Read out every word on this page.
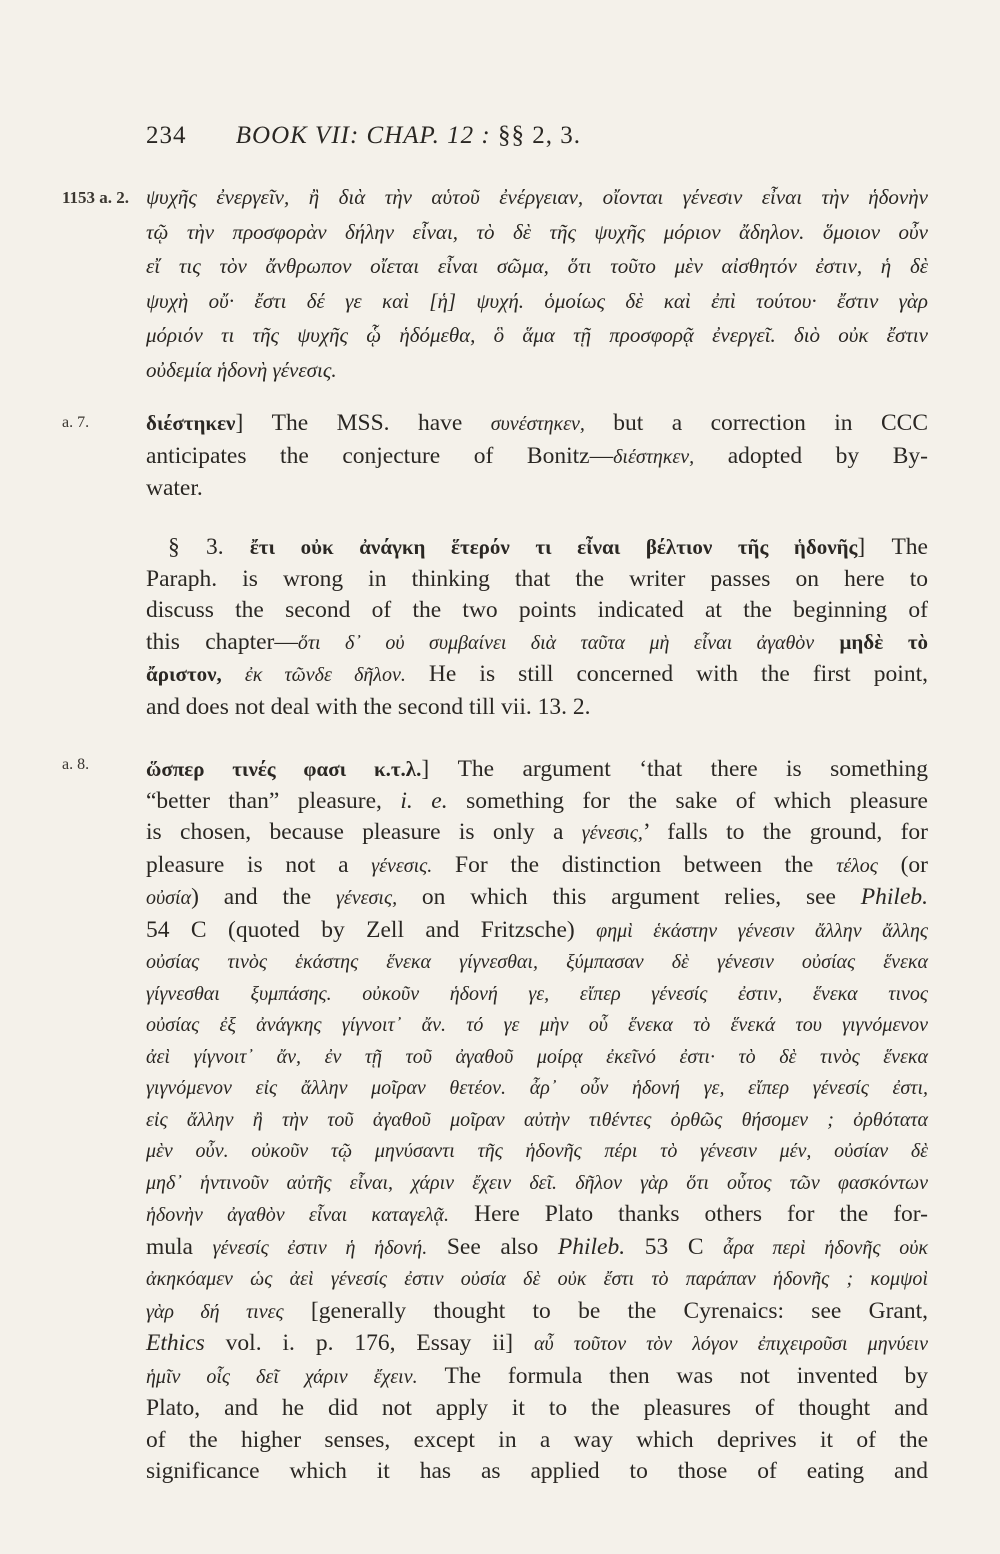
234 BOOK VII: CHAP. 12 : §§ 2, 3.
1153 a. 2.
a. 7.
a. 8.
ψυχῆς ἐνεργεῖν, ἢ διὰ τὴν αὑτοῦ ἐνέργειαν, οἴονται γένεσιν εἶναι τὴν ἡδονὴν
τῷ τὴν προσφορὰν δήλην εἶναι, τὸ δὲ τῆς ψυχῆς μόριον ἄδηλον. ὅμοιον οὖν
εἴ τις τὸν ἄνθρωπον οἴεται εἶναι σῶμα, ὅτι τοῦτο μὲν αἰσθητόν ἐστιν, ἡ δὲ
ψυχὴ οὔ· ἔστι δέ γε καὶ [ἡ] ψυχή. ὁμοίως δὲ καὶ ἐπὶ τούτου· ἔστιν γὰρ
μόριόν τι τῆς ψυχῆς ᾧ ἡδόμεθα, ὃ ἅμα τῇ προσφορᾷ ἐνεργεῖ. διὸ οὐκ ἔστιν
οὐδεμία ἡδονὴ γένεσις.
διέστηκεν] The MSS. have συνέστηκεν, but a correction in CCC
anticipates the conjecture of Bonitz—διέστηκεν, adopted by By-
water.
§ 3. ἔτι οὐκ ἀνάγκη ἕτερόν τι εἶναι βέλτιον τῆς ἡδονῆς] The
Paraph. is wrong in thinking that the writer passes on here to
discuss the second of the two points indicated at the beginning of
this chapter—ὅτι δ᾽ οὐ συμβαίνει διὰ ταῦτα μὴ εἶναι ἀγαθὸν μηδὲ τὸ
ἄριστον, ἐκ τῶνδε δῆλον. He is still concerned with the first point,
and does not deal with the second till vii. 13. 2.
ὥσπερ τινές φασι κ.τ.λ.] The argument ‘that there is something
“better than” pleasure, i. e. something for the sake of which pleasure
is chosen, because pleasure is only a γένεσις,’ falls to the ground, for
pleasure is not a γένεσις. For the distinction between the τέλος (or
οὐσία) and the γένεσις, on which this argument relies, see Phileb.
54 C (quoted by Zell and Fritzsche) φημὶ ἑκάστην γένεσιν ἄλλην ἄλλης
οὐσίας τινὸς ἑκάστης ἕνεκα γίγνεσθαι, ξύμπασαν δὲ γένεσιν οὐσίας ἕνεκα
γίγνεσθαι ξυμπάσης. οὐκοῦν ἡδονή γε, εἴπερ γένεσίς ἐστιν, ἕνεκα τινος
οὐσίας ἐξ ἀνάγκης γίγνοιτ᾽ ἄν. τό γε μὴν οὗ ἕνεκα τὸ ἕνεκά του γιγνόμενον
ἀεὶ γίγνοιτ᾽ ἄν, ἐν τῇ τοῦ ἀγαθοῦ μοίρᾳ ἐκεῖνό ἐστι· τὸ δὲ τινὸς ἕνεκα
γιγνόμενον εἰς ἄλλην μοῖραν θετέον. ἆρ᾽ οὖν ἡδονή γε, εἴπερ γένεσίς ἐστι,
εἰς ἄλλην ἢ τὴν τοῦ ἀγαθοῦ μοῖραν αὐτὴν τιθέντες ὀρθῶς θήσομεν ; ὀρθότατα
μὲν οὖν. οὐκοῦν τῷ μηνύσαντι τῆς ἡδονῆς πέρι τὸ γένεσιν μέν, οὐσίαν δὲ
μηδ᾽ ἡντινοῦν αὐτῆς εἶναι, χάριν ἔχειν δεῖ. δῆλον γὰρ ὅτι οὗτος τῶν φασκόντων
ἡδονὴν ἀγαθὸν εἶναι καταγελᾷ. Here Plato thanks others for the for-
mula γένεσίς ἐστιν ἡ ἡδονή. See also Phileb. 53 C ἆρα περὶ ἡδονῆς οὐκ
ἀκηκόαμεν ὡς ἀεὶ γένεσίς ἐστιν οὐσία δὲ οὐκ ἔστι τὸ παράπαν ἡδονῆς ; κομψοὶ
γὰρ δή τινες [generally thought to be the Cyrenaics: see Grant,
Ethics vol. i. p. 176, Essay ii] αὖ τοῦτον τὸν λόγον ἐπιχειροῦσι μηνύειν
ἡμῖν οἷς δεῖ χάριν ἔχειν. The formula then was not invented by
Plato, and he did not apply it to the pleasures of thought and
of the higher senses, except in a way which deprives it of the
significance which it has as applied to those of eating and
